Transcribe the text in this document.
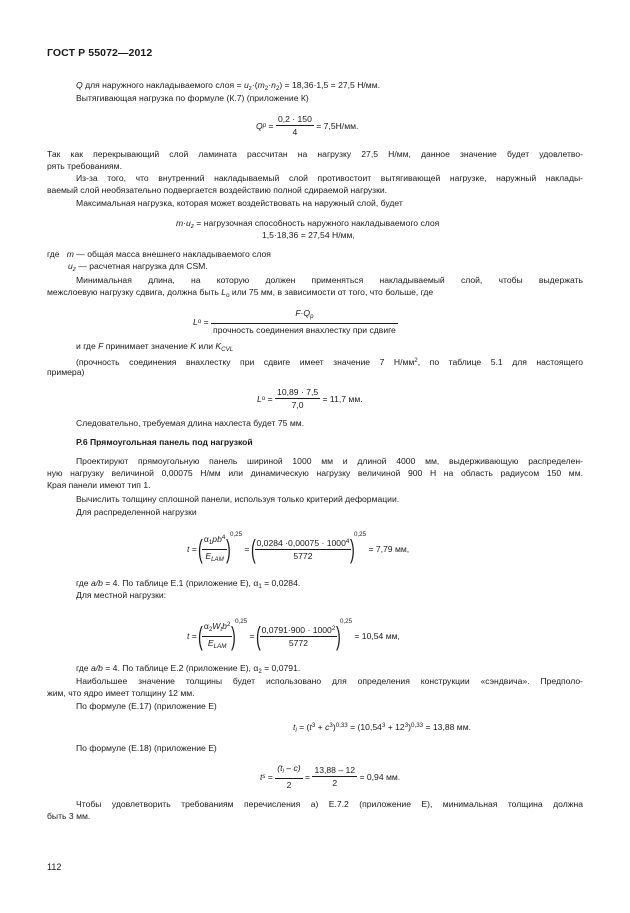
ГОСТ Р 55072—2012
Q для наружного накладываемого слоя = $u_z\cdot(m_2\cdot n_2) = 18,36\cdot 1,5 = 27,5$ Н/мм.
Вытягивающая нагрузка по формуле (К.7) (приложение К)
Q $p = \frac{0,2 \cdot 150}{4}$
= 7,5Н/мм.
Так как перекрывающий слой ламината рассчитан на нагрузку 27,5 Н/мм, данное значение будет удовлетво-
рять требованиям.
Из-за того, что внутренний накладываемый слой противостоит вытягивающей нагрузке, наружный наклады-
ваемый слой необязательно подвергается воздействию полной сдираемой нагрузки.
Максимальная нагрузка, которая может воздействовать на наружный слой, будет
$m\cdot u_z$ = нагрузочная способность наружного накладываемого слоя
1,5·18,36 = 27,54 Н/мм,
где m — общая масса внешнего накладываемого слоя
$u_z$ — расчетная нагрузка для CSM.
Минимальная длина, на которую должен применяться накладываемый слой, чтобы выдержать
межслоевую нагрузку сдвига, должна быть $L_o$ или 75 мм, в зависимости от того, что больше, где
L o
=
$\frac{F\cdot Q_p}{\text{прочность соединения внахлестку при сдвиге}}$
и где F принимает значение K или $K_{CVL}$
(прочность соединения внахлестку при сдвиге имеет значение 7 $Н/мм^2$, по таблице 5.1 для настоящего
примера)
L o
=
$\frac{10,89 \cdot 7,5}{7,0}$
= 11,7 мм.
Следовательно, требуемая длина нахлеста будет 75 мм.
Р.6 Прямоугольная панель под нагрузкой
Проектируют прямоугольную панель шириной 1000 мм и длиной 4000 мм, выдерживающую распределен-
ную нагрузку величиной 0,00075 Н/мм или динамическую нагрузку величиной 900 Н на область радиусом 150 мм.
Края панели имеют тип 1.
Вычислить толщину сплошной панели, используя только критерий деформации.
Для распределенной нагрузки
t
=
(
$\frac{\alpha_1pb^4}{E_{LAM}}$
)
0,25

=
(
$\frac{0,0284 \cdot 0,00075 \cdot 1000^4}{5772}$
)
0,25

= 7,79 мм,
где a/b = 4. По таблице Е.1 (приложение Е), $\alpha_1 = 0,0284$.
Для местной нагрузки:
t
=
(
$\frac{\alpha_2W_tb^2}{E_{LAM}}$
)
0,25

=
(
$\frac{0,0791\cdot 900 \cdot 1000^2}{5772}$
)
0,25

= 10,54 мм,
где a/b = 4. По таблице Е.2 (приложение Е), $\alpha_2 = 0,0791$.
Наибольшее значение толщины будет использовано для определения конструкции «сэндвича». Предполо-
жим, что ядро имеет толщину 12 мм.
По формуле (Е.17) (приложение Е)
$t_l = (t^3 + c^3)^{0,33} = (10,54^3 + 12^3)^{0,33} = 13,88$ мм.
По формуле (Е.18) (приложение Е)
t s
=
$\frac{(t_l - c)}{2}$
=
$\frac{13,88 - 12}{2}$
= 0,94 мм.
Чтобы удовлетворить требованиям перечисления а) Е.7.2 (приложение Е), минимальная толщина должна
быть 3 мм.
112
